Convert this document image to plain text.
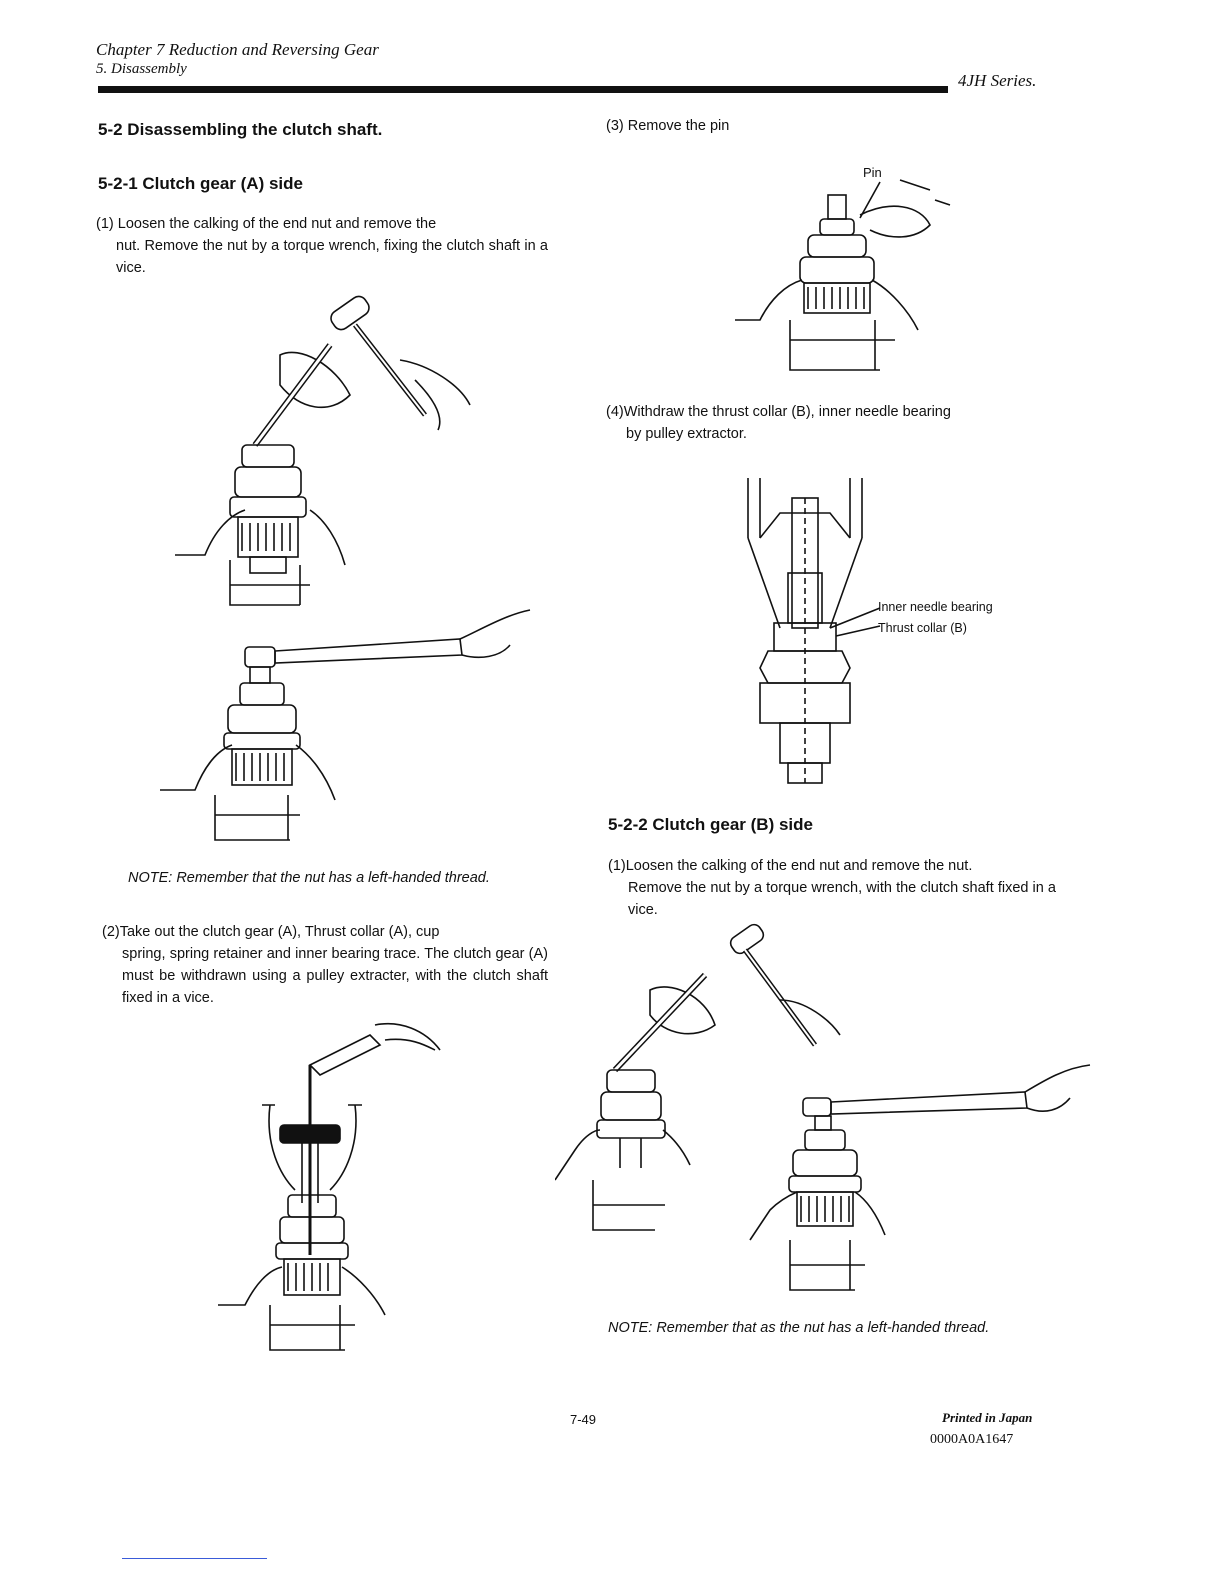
Chapter 7 Reduction and Reversing Gear
5. Disassembly
4JH Series.
5-2 Disassembling the clutch shaft.
5-2-1 Clutch gear (A) side
(1) Loosen the calking of the end nut and remove the
nut. Remove the nut by a torque wrench, fixing the clutch shaft in a vice.
NOTE: Remember that the nut has a left-handed thread.
(2)Take out the clutch gear (A), Thrust collar (A), cup
spring, spring retainer and inner bearing trace. The clutch gear (A) must be withdrawn using a pulley extracter, with the clutch shaft fixed in a vice.
(3) Remove the pin
Pin
(4)Withdraw the thrust collar (B), inner needle bearing
by pulley extractor.
Inner needle bearing
Thrust collar (B)
5-2-2 Clutch gear (B) side
(1)Loosen the calking of the end nut and remove the nut.
Remove the nut by a torque wrench, with the clutch shaft fixed in a vice.
NOTE: Remember that as the nut has a left-handed thread.
7-49	Printed in Japan
0000A0A1647
